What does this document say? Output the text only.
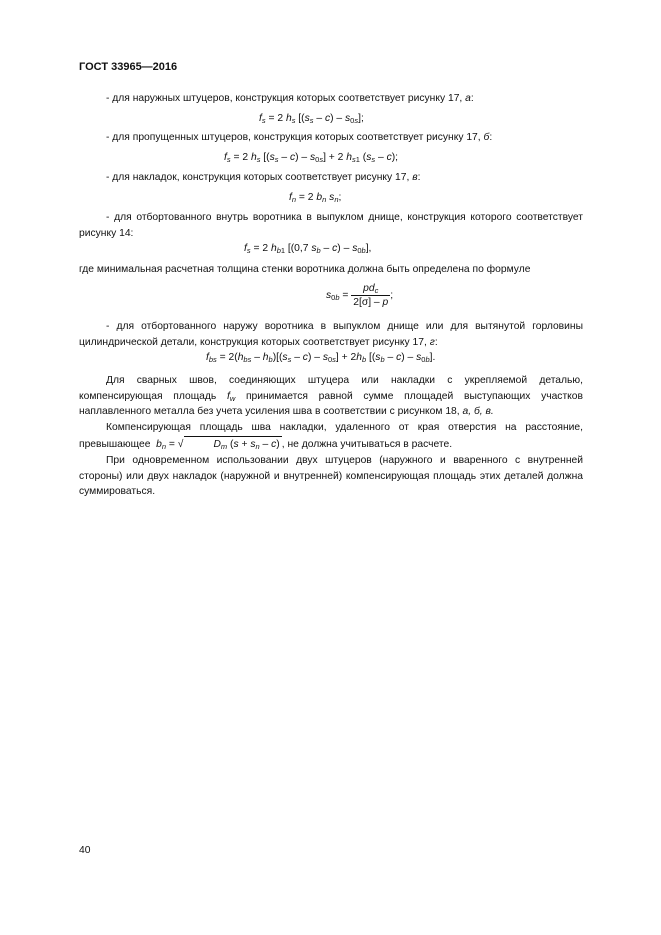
ГОСТ 33965—2016
- для наружных штуцеров, конструкция которых соответствует рисунку 17, а:
$f_s = 2$ $h_s$ $[(s_s - c) - s_{0s}]$;
- для пропущенных штуцеров, конструкция которых соответствует рисунку 17, б:
$f_s = 2$ $h_s$ $[(s_s - c) - s_{0s}] + 2$ $h_{s1}$ $(s_s - c)$;
- для накладок, конструкция которых соответствует рисунку 17, в:
$f_n = 2$ $b_n$ $s_n$;
- для отбортованного внутрь воротника в выпуклом днище, конструкция которого соответствует рисунку 14:
$f_s = 2$ $h_{b1}$ [(0,7 $s_b - c) - s_{0b}$],
где минимальная расчетная толщина стенки воротника должна быть определена по формуле
$s_{0b} = \frac{pd_c}{2[\sigma] - p}$ ;
- для отбортованного наружу воротника в выпуклом днище или для вытянутой горловины цилиндрической детали, конструкция которых соответствует рисунку 17, г:
$f_{bs} = 2(h_{bs} - h_b)[(s_s - c) - s_{0s}] + 2h_b$ $[(s_b - c) - s_{0b}]$.
Для сварных швов, соединяющих штуцера или накладки с укрепляемой деталью, компенсирующая площадь $f_w$ принимается равной сумме площадей выступающих участков наплавленного металла без учета усиления шва в соответствии с рисунком 18, а, б, в.
Компенсирующая площадь шва накладки, удаленного от края отверстия на расстояние, превышающее  $b_n$ = √	$D_m$ $(s + s_n - c)$ , не должна учитываться в расчете.
При одновременном использовании двух штуцеров (наружного и вваренного с внутренней стороны) или двух накладок (наружной и внутренней) компенсирующая площадь этих деталей должна суммироваться.
40
